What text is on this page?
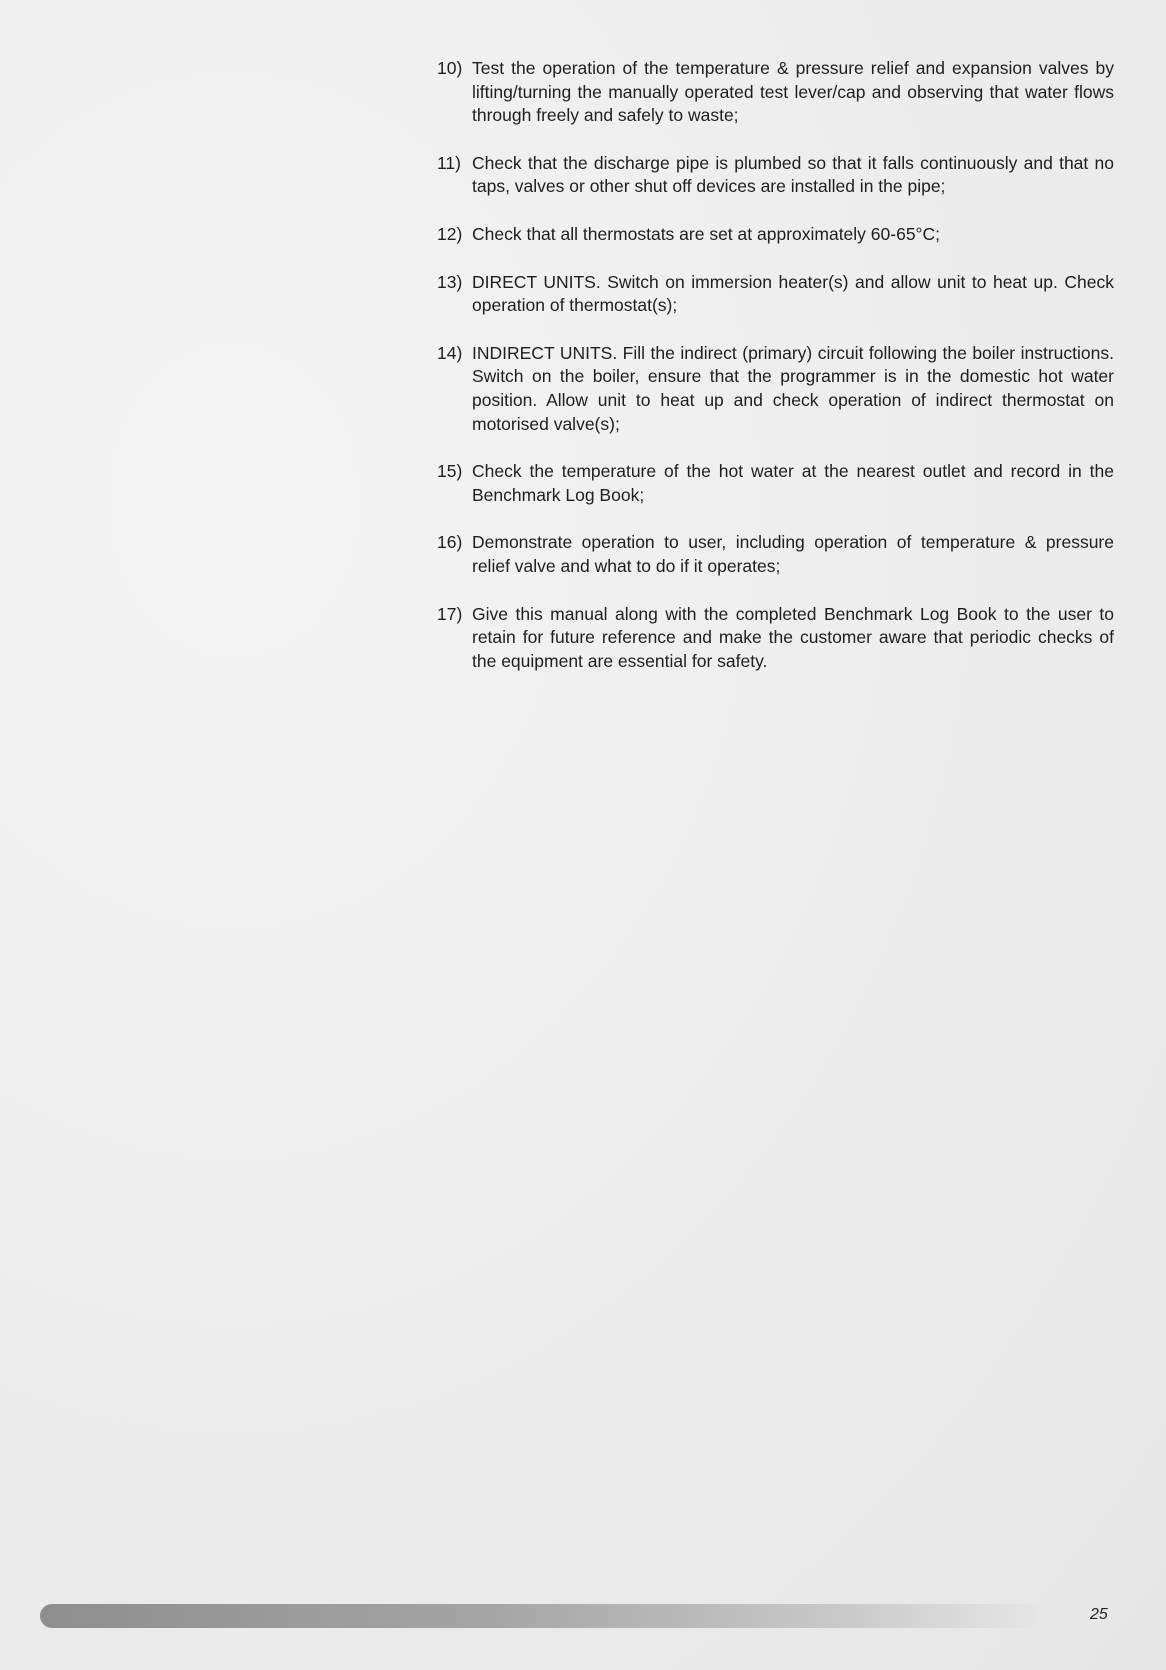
10) Test the operation of the temperature & pressure relief and expansion valves by lifting/turning the manually operated test lever/cap and observing that water flows through freely and safely to waste;
11) Check that the discharge pipe is plumbed so that it falls continuously and that no taps, valves or other shut off devices are installed in the pipe;
12) Check that all thermostats are set at approximately 60-65°C;
13) DIRECT UNITS. Switch on immersion heater(s) and allow unit to heat up. Check operation of thermostat(s);
14) INDIRECT UNITS. Fill the indirect (primary) circuit following the boiler instructions. Switch on the boiler, ensure that the programmer is in the domestic hot water position. Allow unit to heat up and check operation of indirect thermostat on motorised valve(s);
15) Check the temperature of the hot water at the nearest outlet and record in the Benchmark Log Book;
16) Demonstrate operation to user, including operation of temperature & pressure relief valve and what to do if it operates;
17) Give this manual along with the completed Benchmark Log Book to the user to retain for future reference and make the customer aware that periodic checks of the equipment are essential for safety.
25
